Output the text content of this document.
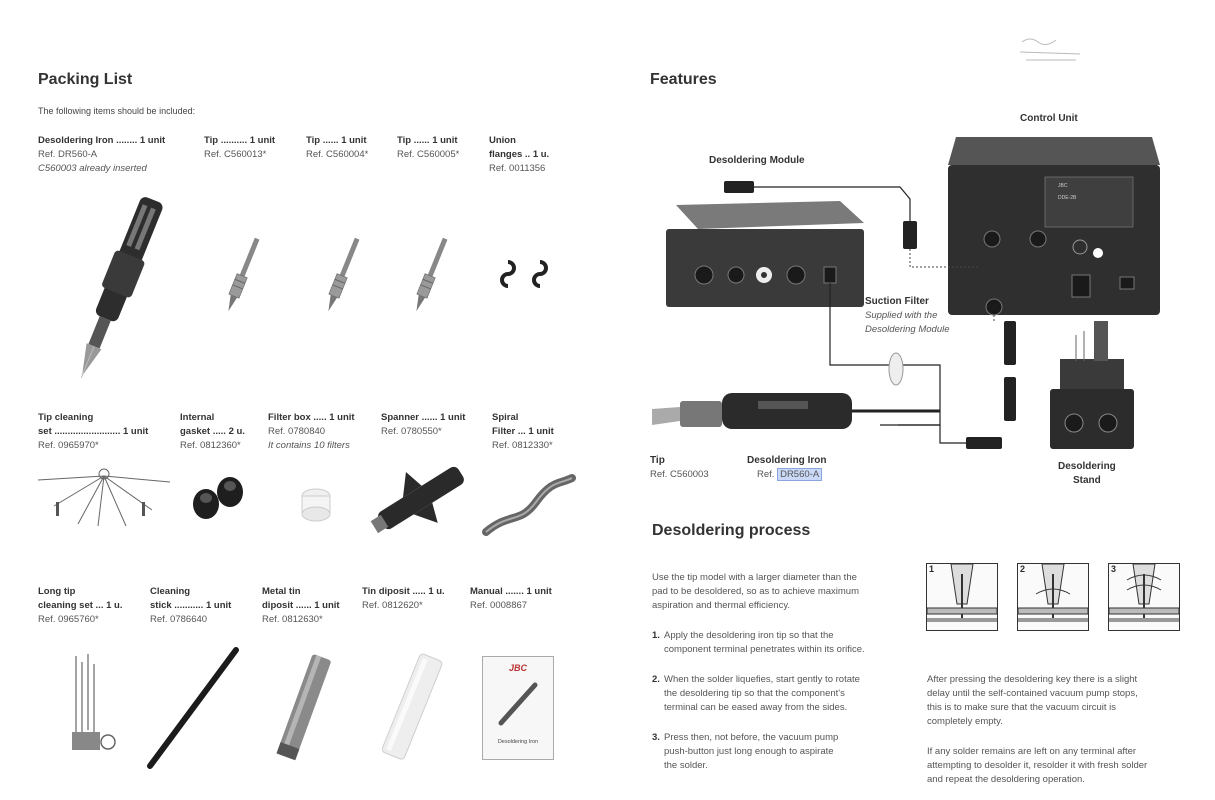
Packing List
The following items should be included:
Desoldering Iron ........ 1 unit
Ref. DR560-A
C560003 already inserted
Tip .......... 1 unit
Ref. C560013*
Tip ...... 1 unit
Ref. C560004*
Tip ...... 1 unit
Ref. C560005*
Union
flanges .. 1 u.
Ref. 0011356
Tip cleaning
set ......................... 1 unit
Ref. 0965970*
Internal
gasket ..... 2 u.
Ref. 0812360*
Filter box ..... 1 unit
Ref. 0780840
It contains 10 filters
Spanner ...... 1 unit
Ref. 0780550*
Spiral
Filter ... 1 unit
Ref. 0812330*
Long tip
cleaning set ... 1 u.
Ref. 0965760*
Cleaning
stick ........... 1 unit
Ref. 0786640
Metal tin
diposit ...... 1 unit
Ref. 0812630*
Tin diposit ..... 1 u.
Ref. 0812620*
Manual ....... 1 unit
Ref. 0008867
JBC
Desoldering Iron
Features
Control Unit
Desoldering Module
Suction Filter
Supplied with the
Desoldering Module
Tip
Ref. C560003
Desoldering Iron
Ref. DR560-A
Desoldering
Stand
JBC
DDE-2B
Desoldering process
Use the tip model with a larger diameter than the
pad to be desoldered, so as to achieve maximum
aspiration and thermal efficiency.
1. Apply the desoldering iron tip so that the
component terminal penetrates within its orifice.
2. When the solder liquefies, start gently to rotate
the desoldering tip so that the component's
terminal can be eased away from the sides.
3. Press then, not before, the vacuum pump
push-button just long enough to aspirate
the solder.
1	2	3
After pressing the desoldering key there is a slight
delay until the self-contained vacuum pump stops,
this is to make sure that the vacuum circuit is
completely empty.
If any solder remains are left on any terminal after
attempting to desolder it, resolder it with fresh solder
and repeat the desoldering operation.
